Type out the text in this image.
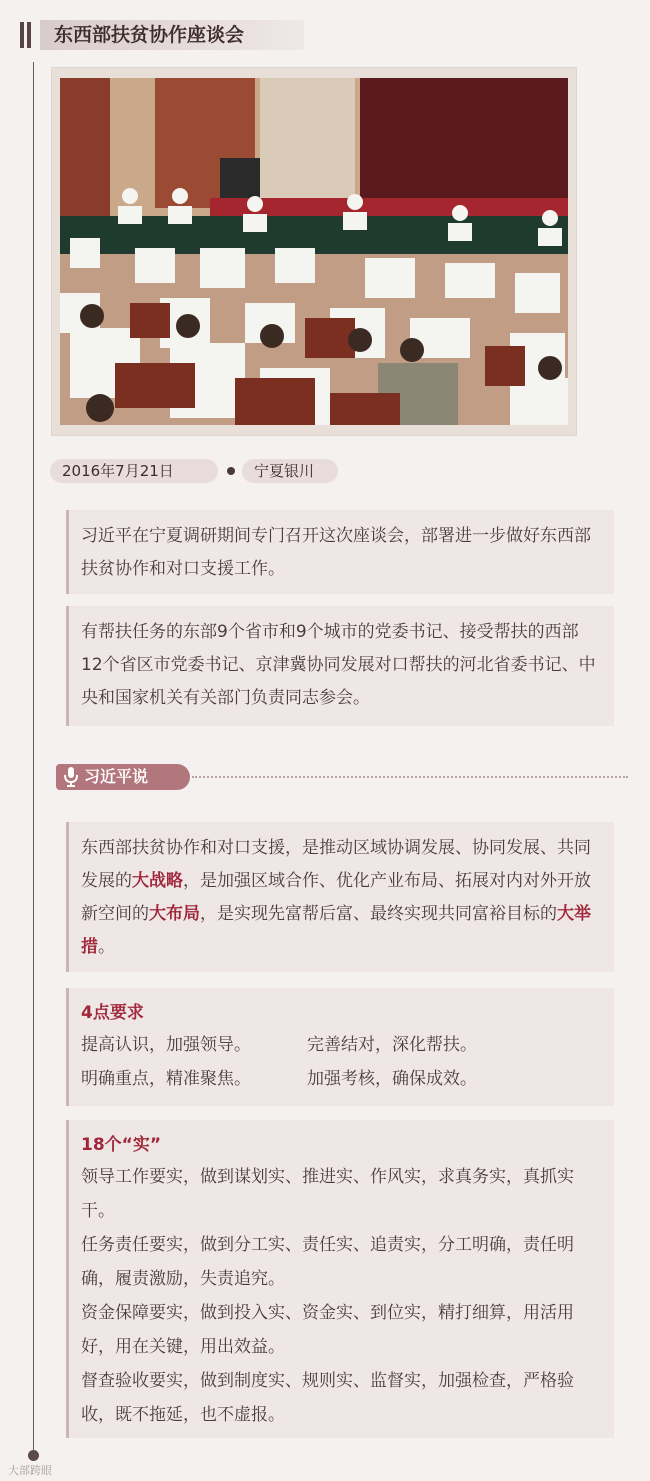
东西部扶贫协作座谈会
2016年7月21日	宁夏银川

习近平在宁夏调研期间专门召开这次座谈会，部署进一步做好东西部扶贫协作和对口支援工作。

有帮扶任务的东部9个省市和9个城市的党委书记、接受帮扶的西部12个省区市党委书记、京津冀协同发展对口帮扶的河北省委书记、中央和国家机关有关部门负责同志参会。

习近平说

东西部扶贫协作和对口支援，是推动区域协调发展、协同发展、共同发展的大战略，是加强区域合作、优化产业布局、拓展对内对外开放新空间的大布局，是实现先富帮后富、最终实现共同富裕目标的大举措。

4点要求

提高认识，加强领导。	完善结对，深化帮扶。
明确重点，精准聚焦。	加强考核，确保成效。

18个“实”

领导工作要实，做到谋划实、推进实、作风实，求真务实，真抓实干。

任务责任要实，做到分工实、责任实、追责实，分工明确，责任明确，履责激励，失责追究。

资金保障要实，做到投入实、资金实、到位实，精打细算，用活用好，用在关键，用出效益。

督查验收要实，做到制度实、规则实、监督实，加强检查，严格验收，既不拖延，也不虚报。

大部跨眼
